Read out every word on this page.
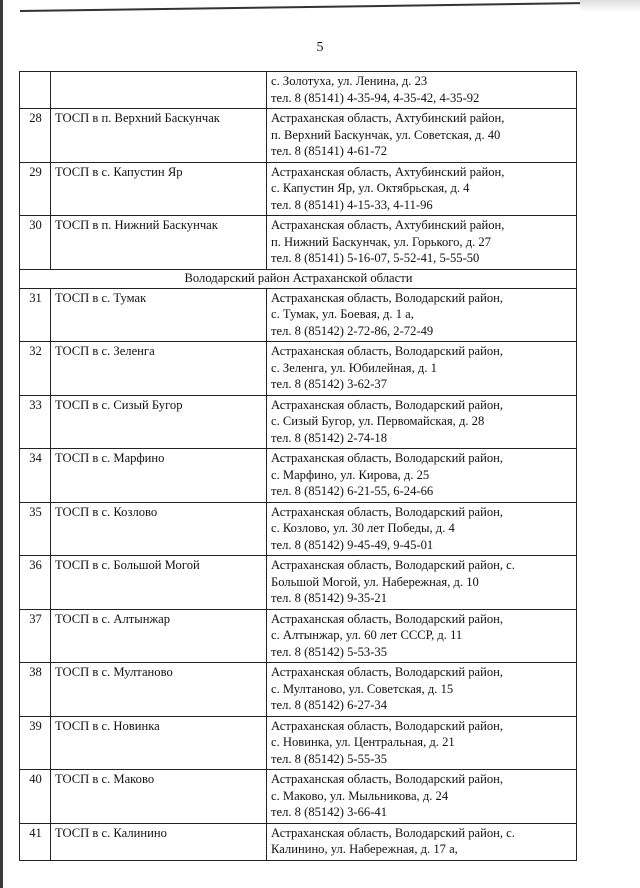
5

		с. Золотуха, ул. Ленина, д. 23
тел. 8 (85141) 4-35-94, 4-35-42, 4-35-92

28	ТОСП в п. Верхний Баскунчак	Астраханская область, Ахтубинский район,
п. Верхний Баскунчак, ул. Советская, д. 40
тел. 8 (85141) 4-61-72

29	ТОСП в с. Капустин Яр	Астраханская область, Ахтубинский район,
с. Капустин Яр, ул. Октябрьская, д. 4
тел. 8 (85141) 4-15-33, 4-11-96

30	ТОСП в п. Нижний Баскунчак	Астраханская область, Ахтубинский район,
п. Нижний Баскунчак, ул. Горького, д. 27
тел. 8 (85141) 5-16-07, 5-52-41, 5-55-50

Володарский район Астраханской области		
31	ТОСП в с. Тумак	Астраханская область, Володарский район,
с. Тумак, ул. Боевая, д. 1 а,
тел. 8 (85142) 2-72-86, 2-72-49

32	ТОСП в с. Зеленга	Астраханская область, Володарский район,
с. Зеленга, ул. Юбилейная, д. 1
тел. 8 (85142) 3-62-37

33	ТОСП в с. Сизый Бугор	Астраханская область, Володарский район,
с. Сизый Бугор, ул. Первомайская, д. 28
тел. 8 (85142) 2-74-18

34	ТОСП в с. Марфино	Астраханская область, Володарский район,
с. Марфино, ул. Кирова, д. 25
тел. 8 (85142) 6-21-55, 6-24-66

35	ТОСП в с. Козлово	Астраханская область, Володарский район,
с. Козлово, ул. 30 лет Победы, д. 4
тел. 8 (85142) 9-45-49, 9-45-01

36	ТОСП в с. Большой Могой	Астраханская область, Володарский район, с.
Большой Могой, ул. Набережная, д. 10
тел. 8 (85142) 9-35-21

37	ТОСП в с. Алтынжар	Астраханская область, Володарский район,
с. Алтынжар, ул. 60 лет СССР, д. 11
тел. 8 (85142) 5-53-35

38	ТОСП в с. Мултаново	Астраханская область, Володарский район,
с. Мултаново, ул. Советская, д. 15
тел. 8 (85142) 6-27-34

39	ТОСП в с. Новинка	Астраханская область, Володарский район,
с. Новинка, ул. Центральная, д. 21
тел. 8 (85142) 5-55-35

40	ТОСП в с. Маково	Астраханская область, Володарский район,
с. Маково, ул. Мыльникова, д. 24
тел. 8 (85142) 3-66-41

41	ТОСП в с. Калинино	Астраханская область, Володарский район, с.
Калинино, ул. Набережная, д. 17 а,
